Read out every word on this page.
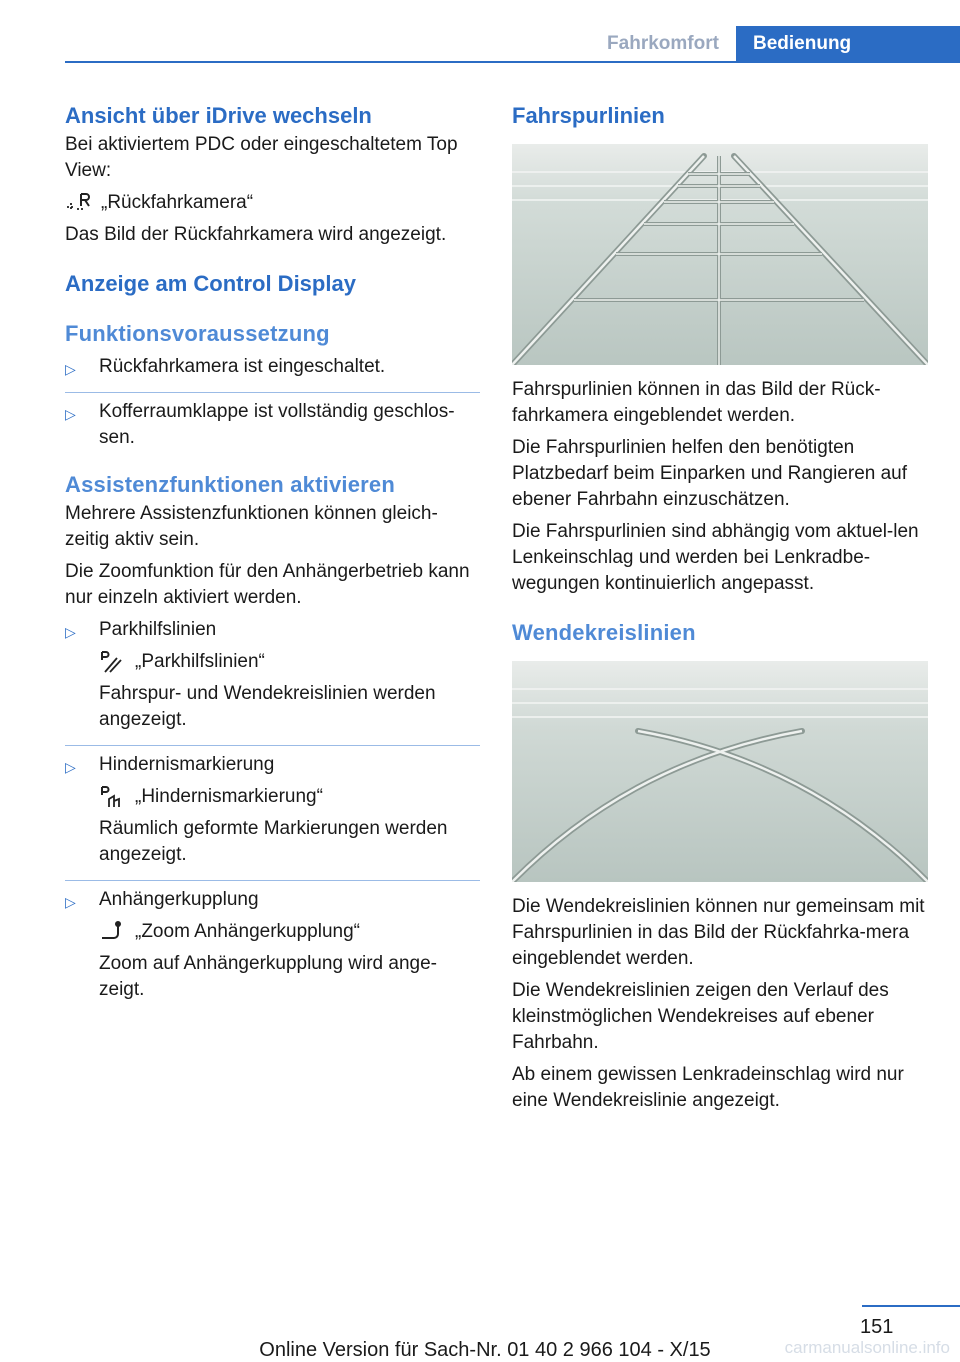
Fahrkomfort	Bedienung
Ansicht über iDrive wechseln

Bei aktiviertem PDC oder eingeschaltetem Top View:

„Rückfahrkamera“

Das Bild der Rückfahrkamera wird angezeigt.

Anzeige am Control Display
Funktionsvoraussetzung
▷ Rückfahrkamera ist eingeschaltet.
▷ Kofferraumklappe ist vollständig geschlos-sen.
Assistenzfunktionen aktivieren

Mehrere Assistenzfunktionen können gleich-zeitig aktiv sein.

Die Zoomfunktion für den Anhängerbetrieb kann nur einzeln aktiviert werden.

▷ Parkhilfslinien
„Parkhilfslinien“
Fahrspur- und Wendekreislinien werden angezeigt.
▷ Hindernismarkierung
„Hindernismarkierung“
Räumlich geformte Markierungen werden angezeigt.
▷ Anhängerkupplung
„Zoom Anhängerkupplung“
Zoom auf Anhängerkupplung wird ange-zeigt.
Fahrspurlinien

Fahrspurlinien können in das Bild der Rück-fahrkamera eingeblendet werden.

Die Fahrspurlinien helfen den benötigten Platzbedarf beim Einparken und Rangieren auf ebener Fahrbahn einzuschätzen.

Die Fahrspurlinien sind abhängig vom aktuel-len Lenkeinschlag und werden bei Lenkradbe-wegungen kontinuierlich angepasst.

Wendekreislinien

Die Wendekreislinien können nur gemeinsam mit Fahrspurlinien in das Bild der Rückfahrka-mera eingeblendet werden.

Die Wendekreislinien zeigen den Verlauf des kleinstmöglichen Wendekreises auf ebener Fahrbahn.

Ab einem gewissen Lenkradeinschlag wird nur eine Wendekreislinie angezeigt.

151
Online Version für Sach-Nr. 01 40 2 966 104 - X/15	carmanualsonline.info
